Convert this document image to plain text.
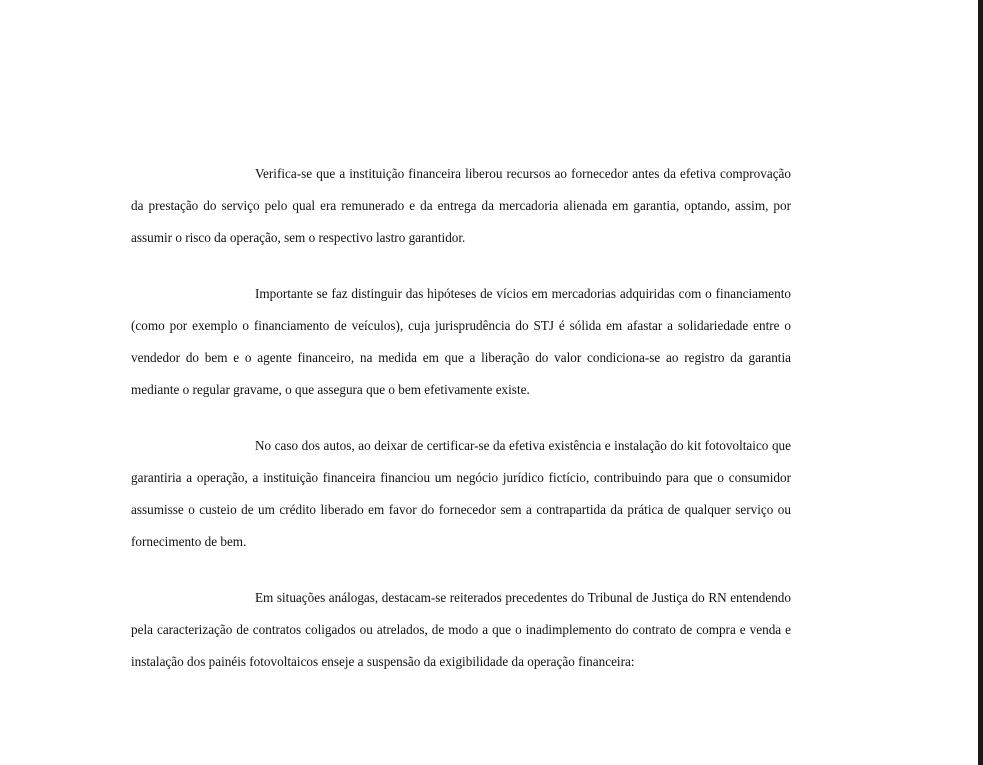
Verifica-se que a instituição financeira liberou recursos ao fornecedor antes da efetiva comprovação da prestação do serviço pelo qual era remunerado e da entrega da mercadoria alienada em garantia, optando, assim, por assumir o risco da operação, sem o respectivo lastro garantidor.

Importante se faz distinguir das hipóteses de vícios em mercadorias adquiridas com o financiamento (como por exemplo o financiamento de veículos), cuja jurisprudência do STJ é sólida em afastar a solidariedade entre o vendedor do bem e o agente financeiro, na medida em que a liberação do valor condiciona-se ao registro da garantia mediante o regular gravame, o que assegura que o bem efetivamente existe.

No caso dos autos, ao deixar de certificar-se da efetiva existência e instalação do kit fotovoltaico que garantiria a operação, a instituição financeira financiou um negócio jurídico fictício, contribuindo para que o consumidor assumisse o custeio de um crédito liberado em favor do fornecedor sem a contrapartida da prática de qualquer serviço ou fornecimento de bem.

Em situações análogas, destacam-se reiterados precedentes do Tribunal de Justiça do RN entendendo pela caracterização de contratos coligados ou atrelados, de modo a que o inadimplemento do contrato de compra e venda e instalação dos painéis fotovoltaicos enseje a suspensão da exigibilidade da operação financeira:
